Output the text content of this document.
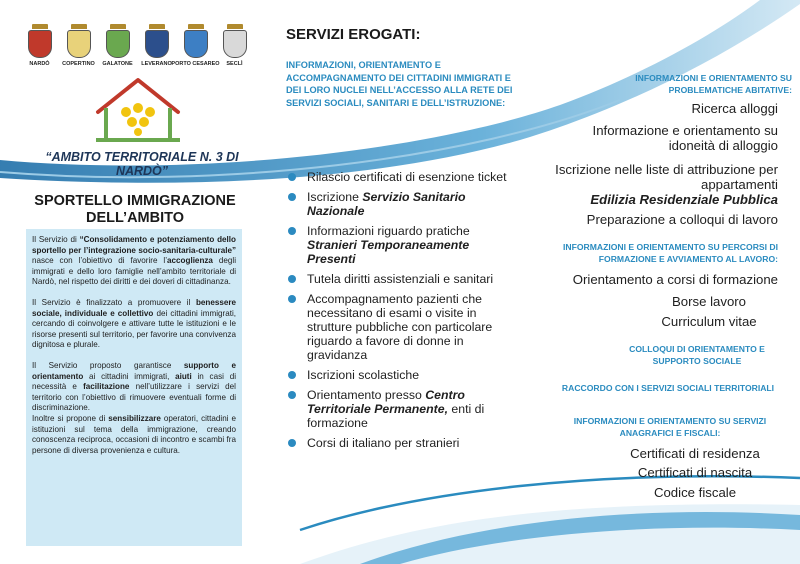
NARDÒ COPERTINO GALATONE LEVERANO PORTO CESAREO SECLÌ
“AMBITO TERRITORIALE N. 3 DI NARDÒ”
SPORTELLO IMMIGRAZIONE
DELL’AMBITO

Il Servizio di “Consolidamento e potenziamento dello sportello per l’integrazione socio-sanitaria-culturale” nasce con l’obiettivo di favorire l’accoglienza degli immigrati e dello loro famiglie nell’ambito territoriale di Nardò, nel rispetto dei diritti e dei doveri di cittadinanza.

Il Servizio è finalizzato a promuovere il benessere sociale, individuale e collettivo dei cittadini immigrati, cercando di coinvolgere e attivare tutte le istituzioni e le risorse presenti sul territorio, per favorire una convivenza dignitosa e plurale.

Il Servizio proposto garantisce supporto e orientamento ai cittadini immigrati, aiuti in casi di necessità e facilitazione nell’utilizzare i servizi del territorio con l’obiettivo di rimuovere eventuali forme di discriminazione.

Inoltre si propone di sensibilizzare operatori, cittadini e istituzioni sul tema della immigrazione, creando conoscenza reciproca, occasioni di incontro e scambi fra persone di diversa provenienza e cultura.

SERVIZI EROGATI:
INFORMAZIONI, ORIENTAMENTO E ACCOMPAGNAMENTO DEI CITTADINI IMMIGRATI E DEI LORO NUCLEI NELL’ACCESSO ALLA RETE DEI SERVIZI SOCIALI, SANITARI E DELL’ISTRUZIONE:
Rilascio certificati di esenzione ticket
Iscrizione Servizio Sanitario Nazionale
Informazioni riguardo pratiche Stranieri Temporaneamente Presenti
Tutela diritti assistenziali e sanitari
Accompagnamento pazienti che necessitano di esami o visite in strutture pubbliche con particolare riguardo a favore di donne in gravidanza
Iscrizioni scolastiche
Orientamento presso Centro Territoriale Permanente, enti di formazione
Corsi di italiano per stranieri
INFORMAZIONI E ORIENTAMENTO SU PROBLEMATICHE ABITATIVE:
Ricerca alloggi
Informazione e orientamento su idoneità di alloggio
Iscrizione nelle liste di attribuzione per appartamenti
Edilizia Residenziale Pubblica
Preparazione a colloqui di lavoro
INFORMAZIONI E ORIENTAMENTO SU PERCORSI DI FORMAZIONE E AVVIAMENTO AL LAVORO:
Orientamento a corsi di formazione
Borse lavoro
Curriculum vitae
COLLOQUI DI ORIENTAMENTO E SUPPORTO SOCIALE
RACCORDO CON I SERVIZI SOCIALI TERRITORIALI
INFORMAZIONI E ORIENTAMENTO SU SERVIZI ANAGRAFICI E FISCALI:
Certificati di residenza
Certificati di nascita
Codice fiscale
